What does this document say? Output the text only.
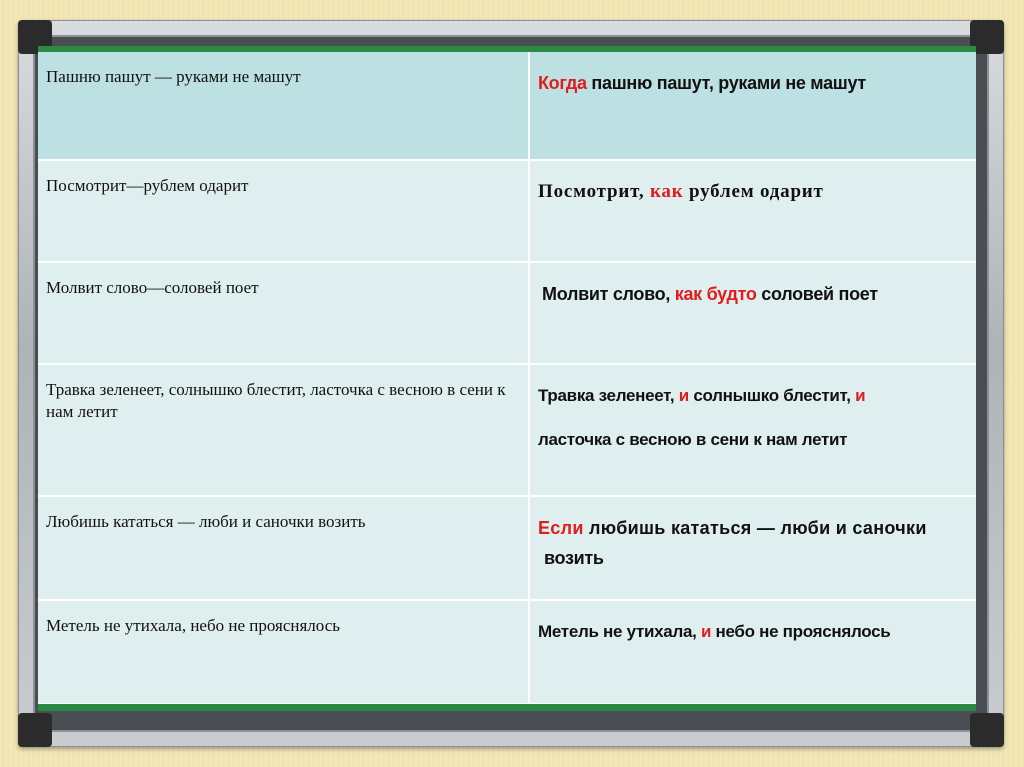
Пашню пашут — руками не машут	Когда пашню пашут, руками не машут

Посмотрит—рублем одарит	Посмотрит, как рублем одарит

Молвит слово—соловей поет	Молвит слово, как будто соловей поет

Травка зеленеет, солнышко блестит, ласточка с весною в сени к нам летит	Травка зеленеет, и солнышко блестит, и
ласточка с весною в сени к нам летит

Любишь кататься — люби и саночки возить	Если любишь кататься — люби и саночки
возить

Метель не утихала, небо не прояснялось	Метель не утихала, и небо не прояснялось
